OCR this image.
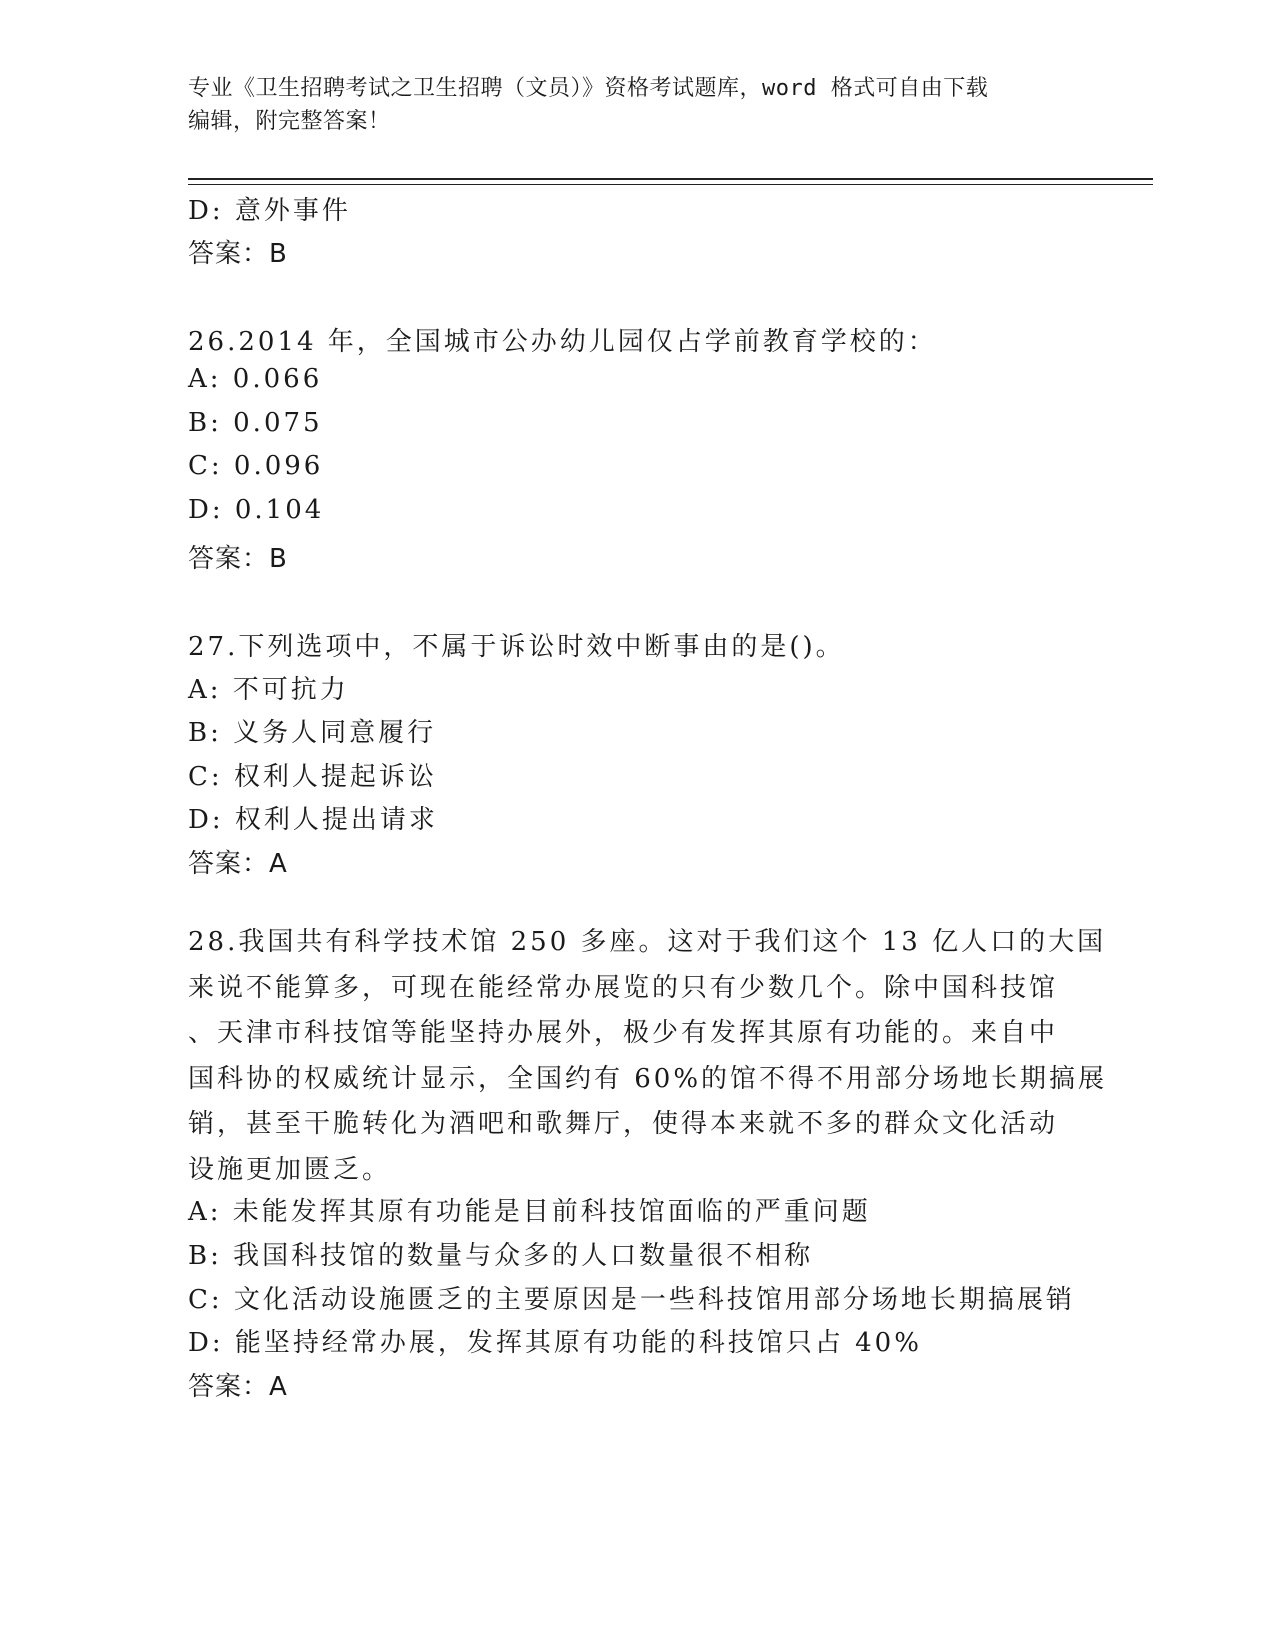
专业《卫生招聘考试之卫生招聘（文员）》资格考试题库，word 格式可自由下载
编辑，附完整答案！
D: 意外事件
答案：B
26.2014 年，全国城市公办幼儿园仅占学前教育学校的：
A: 0.066
B: 0.075
C: 0.096
D: 0.104
答案：B
27.下列选项中，不属于诉讼时效中断事由的是()。
A: 不可抗力
B: 义务人同意履行
C: 权利人提起诉讼
D: 权利人提出请求
答案：A
28.我国共有科学技术馆 250 多座。这对于我们这个 13 亿人口的大国
来说不能算多，可现在能经常办展览的只有少数几个。除中国科技馆
、天津市科技馆等能坚持办展外，极少有发挥其原有功能的。来自中
国科协的权威统计显示，全国约有 60%的馆不得不用部分场地长期搞展
销，甚至干脆转化为酒吧和歌舞厅，使得本来就不多的群众文化活动
设施更加匮乏。
A: 未能发挥其原有功能是目前科技馆面临的严重问题
B: 我国科技馆的数量与众多的人口数量很不相称
C: 文化活动设施匮乏的主要原因是一些科技馆用部分场地长期搞展销
D: 能坚持经常办展，发挥其原有功能的科技馆只占 40%
答案：A
